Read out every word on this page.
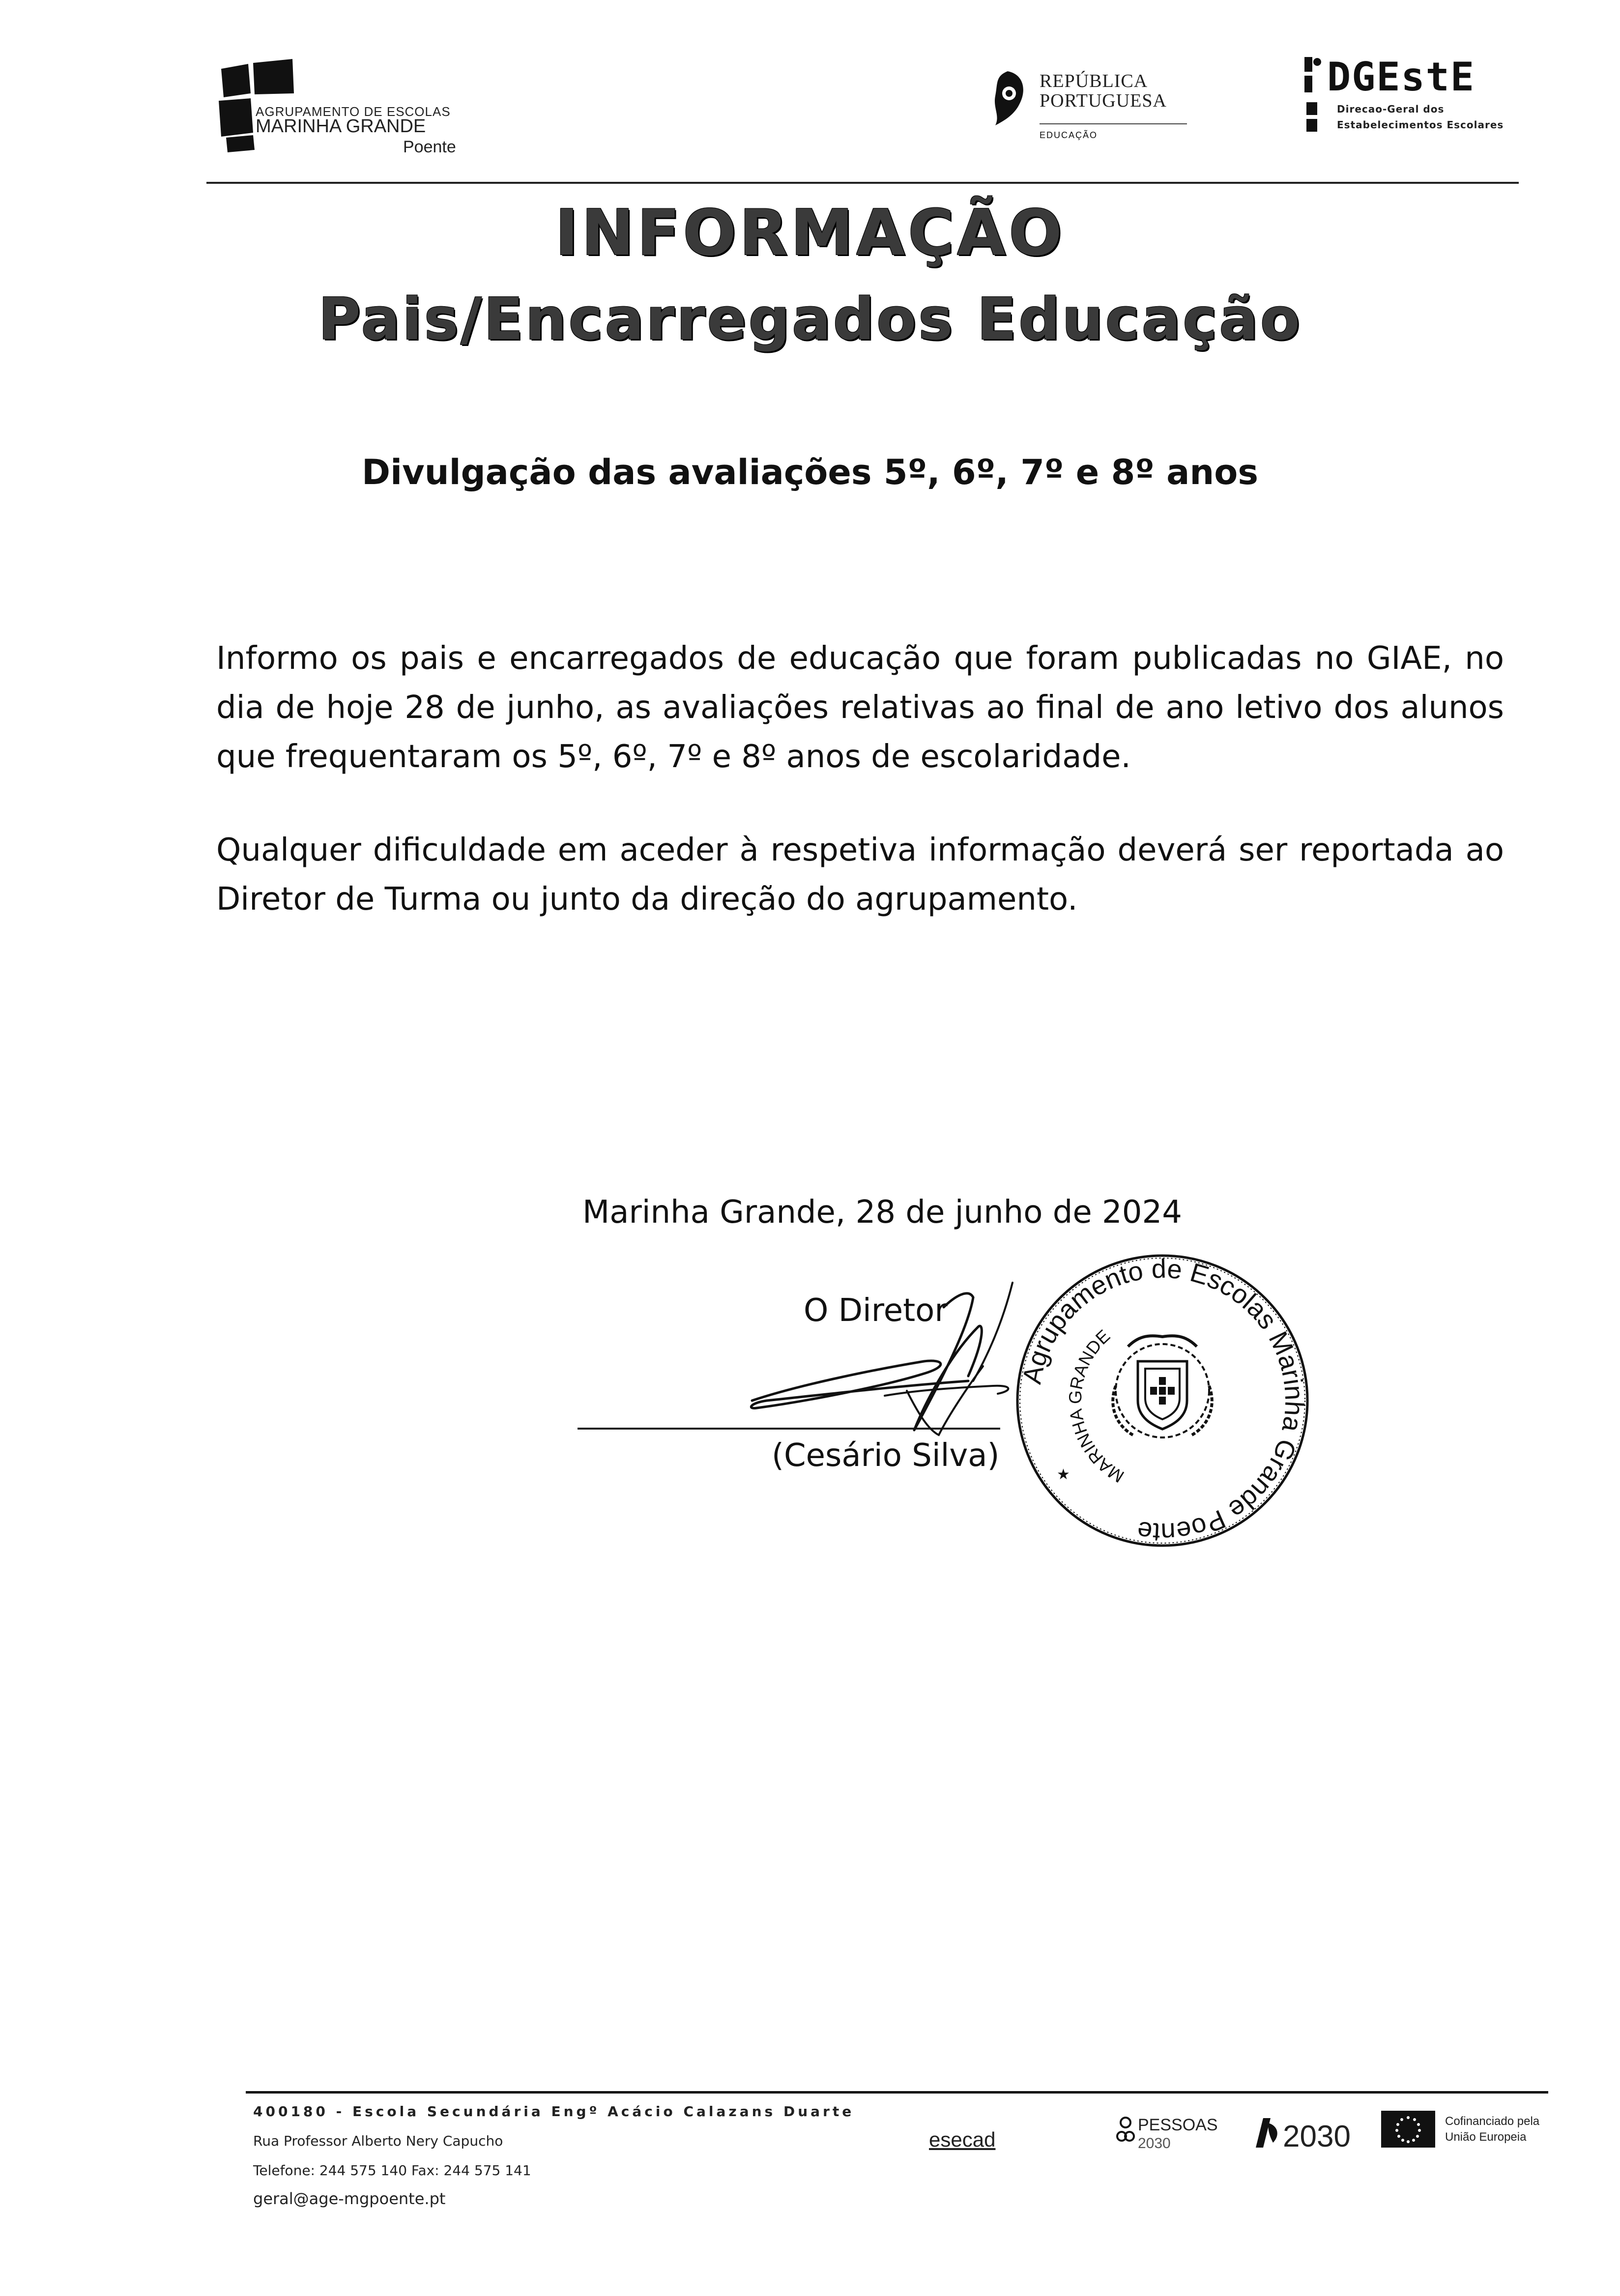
AGRUPAMENTO DE ESCOLAS
MARINHA GRANDE
Poente
REPÚBLICA
PORTUGUESA
EDUCAÇÃO
DGEstE
Direcao-Geral dos
Estabelecimentos Escolares
INFORMAÇÃO
Pais/Encarregados Educação
Divulgação das avaliações 5º, 6º, 7º e 8º anos
Informo os pais e encarregados de educação que foram publicadas no GIAE, no dia de hoje 28 de junho, as avaliações relativas ao final de ano letivo dos alunos que frequentaram os 5º, 6º, 7º e 8º anos de escolaridade.
Qualquer dificuldade em aceder à respetiva informação deverá ser reportada ao Diretor de Turma ou junto da direção do agrupamento.
Marinha Grande, 28 de junho de 2024
O Diretor
(Cesário Silva)
Agrupamento de Escolas Marinha Grande Poente
MARINHA GRANDE
★
400180 - Escola Secundária Engº Acácio Calazans Duarte
Rua Professor Alberto Nery Capucho
Telefone: 244 575 140 Fax: 244 575 141
geral@age-mgpoente.pt
esecad
PESSOAS
2030	2030	Cofinanciado pela
União Europeia
